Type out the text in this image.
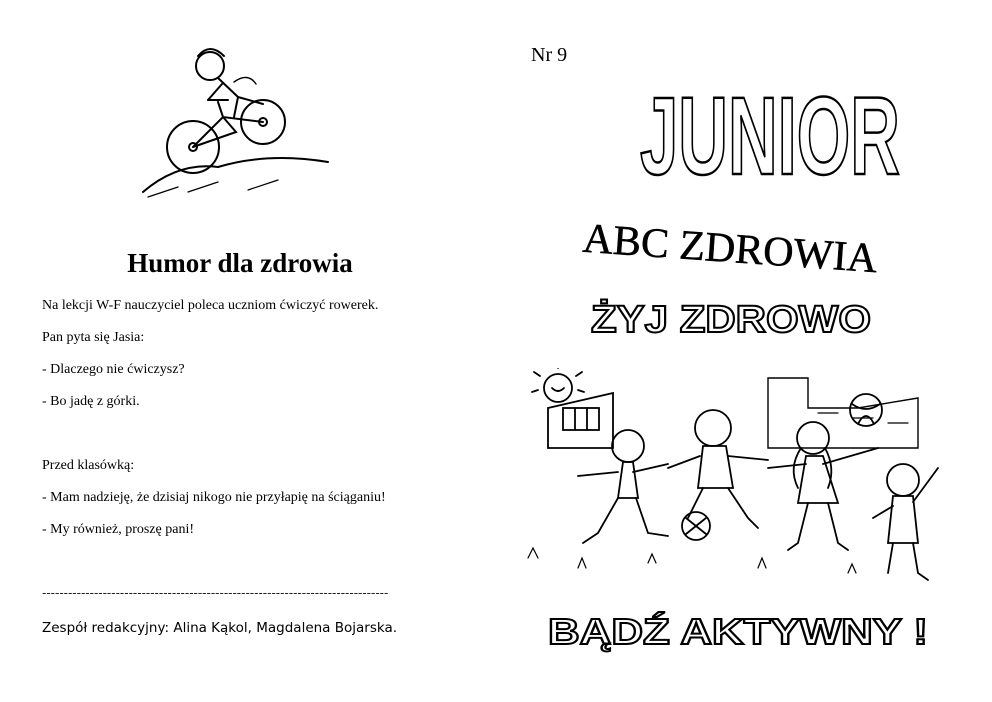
Humor dla zdrowia
Na lekcji W-F nauczyciel poleca uczniom ćwiczyć rowerek.
Pan pyta się Jasia:
- Dlaczego nie ćwiczysz?
- Bo jadę z górki.
Przed klasówką:
- Mam nadzieję, że dzisiaj nikogo nie przyłapię na ściąganiu!
- My również, proszę pani!
--------------------------------------------------------------------------------
Zespół redakcyjny: Alina Kąkol, Magdalena Bojarska.
Nr 9
JUNIOR
ABC ZDROWIA
ŻYJ ZDROWO
BĄDŹ AKTYWNY !
